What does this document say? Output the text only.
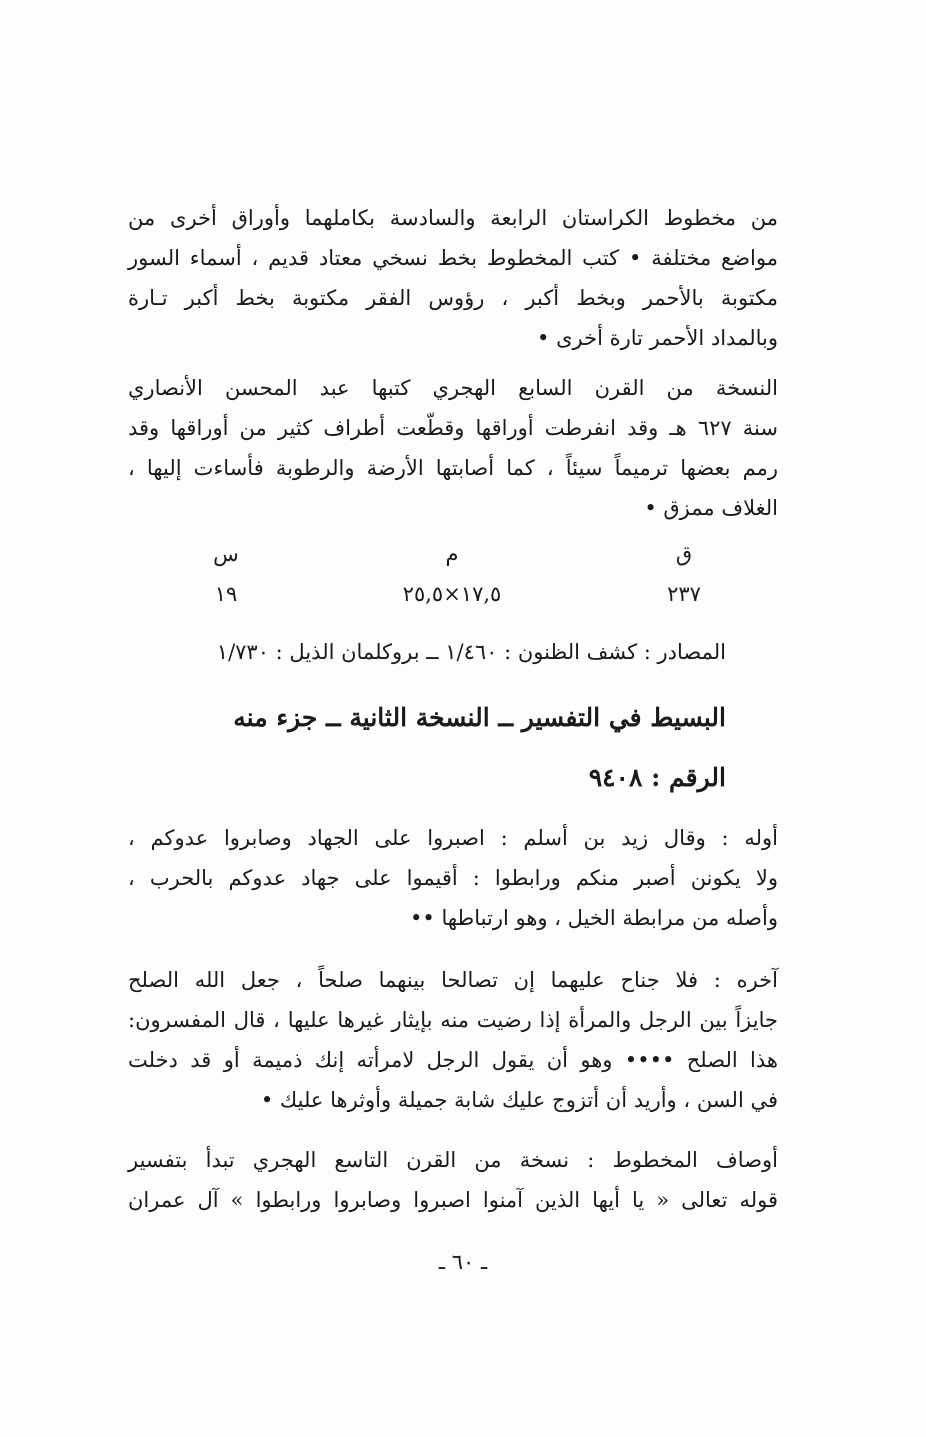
من مخطوط الكراستان الرابعة والسادسة بكاملهما وأوراق أخرى من
مواضع مختلفة • كتب المخطوط بخط نسخي معتاد قديم ، أسماء السور
مكتوبة بالأحمر وبخط أكبر ، رؤوس الفقر مكتوبة بخط أكبر تـارة
وبالمداد الأحمر تارة أخرى •
النسخة من القرن السابع الهجري كتبها عبد المحسن الأنصاري
سنة ٦٢٧ هـ وقد انفرطت أوراقها وقطّعت أطراف كثير من أوراقها وقد
رمم بعضها ترميماً سيئاً ، كما أصابتها الأرضة والرطوبة فأساءت إليها ،
الغلاف ممزق •
ق
م
س
٢٣٧
١٧,٥×٢٥,٥
١٩
المصادر : كشف الظنون : ١/٤٦٠ ــ بروكلمان الذيل : ١/٧٣٠
البسيط في التفسير ــ النسخة الثانية ــ جزء منه
الرقم : ٩٤٠٨
أوله : وقال زيد بن أسلم : اصبروا على الجهاد وصابروا عدوكم ،
ولا يكونن أصبر منكم ورابطوا : أقيموا على جهاد عدوكم بالحرب ،
وأصله من مرابطة الخيل ، وهو ارتباطها ••
آخره : فلا جناح عليهما إن تصالحا بينهما صلحاً ، جعل الله الصلح
جايزاً بين الرجل والمرأة إذا رضيت منه بإيثار غيرها عليها ، قال المفسرون:
هذا الصلح •••• وهو أن يقول الرجل لامرأته إنك ذميمة أو قد دخلت
في السن ، وأريد أن أتزوج عليك شابة جميلة وأوثرها عليك •
أوصاف المخطوط : نسخة من القرن التاسع الهجري تبدأ بتفسير
قوله تعالى « يا أيها الذين آمنوا اصبروا وصابروا ورابطوا » آل عمران
ـ ٦٠ ـ
